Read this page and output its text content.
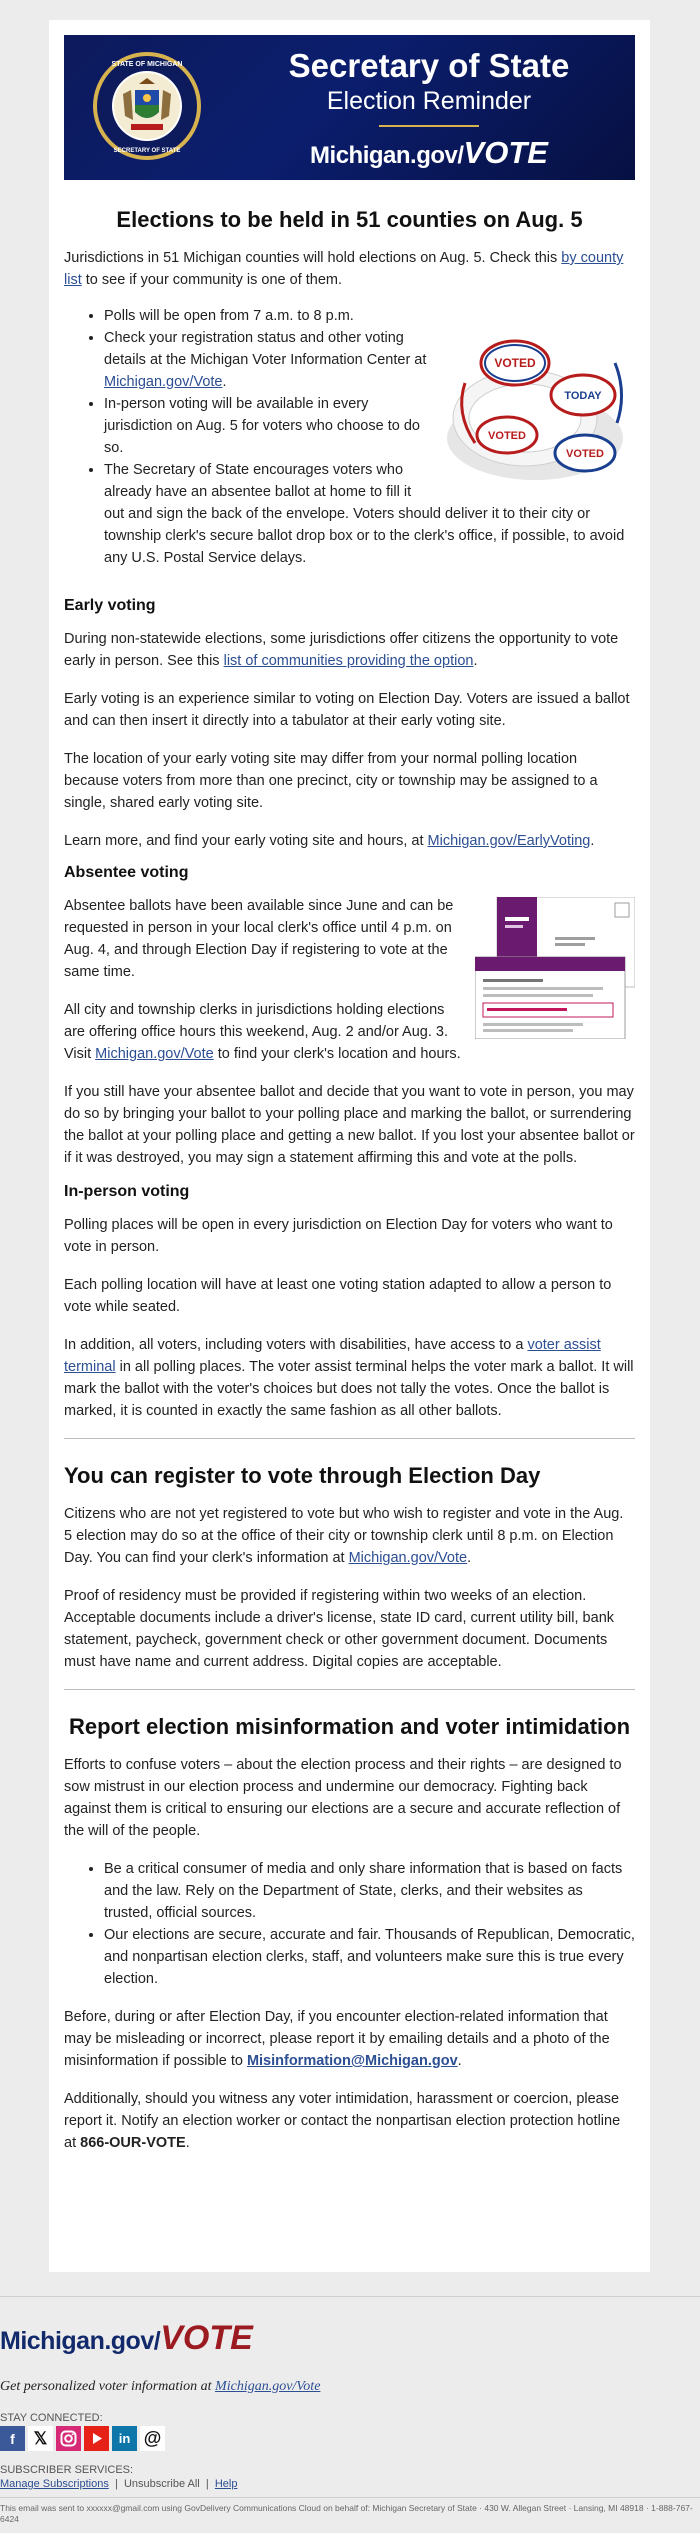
STATE OF MICHIGAN
SECRETARY OF STATE
Secretary of State
Election Reminder
Michigan.gov/VOTE
Elections to be held in 51 counties on Aug. 5

Jurisdictions in 51 Michigan counties will hold elections on Aug. 5. Check this by county list to see if your community is one of them.

VOTED
TODAY
VOTED
VOTED
• Polls will be open from 7 a.m. to 8 p.m.
• Check your registration status and other voting details at the Michigan Voter Information Center at Michigan.gov/Vote.
• In-person voting will be available in every jurisdiction on Aug. 5 for voters who choose to do so.
• The Secretary of State encourages voters who already have an absentee ballot at home to fill it out and sign the back of the envelope. Voters should deliver it to their city or township clerk's secure ballot drop box or to the clerk's office, if possible, to avoid any U.S. Postal Service delays.
Early voting

During non-statewide elections, some jurisdictions offer citizens the opportunity to vote early in person. See this list of communities providing the option.

Early voting is an experience similar to voting on Election Day. Voters are issued a ballot and can then insert it directly into a tabulator at their early voting site.

The location of your early voting site may differ from your normal polling location because voters from more than one precinct, city or township may be assigned to a single, shared early voting site.

Learn more, and find your early voting site and hours, at Michigan.gov/EarlyVoting.

Absentee voting

Absentee ballots have been available since June and can be requested in person in your local clerk's office until 4 p.m. on Aug. 4, and through Election Day if registering to vote at the same time.

All city and township clerks in jurisdictions holding elections are offering office hours this weekend, Aug. 2 and/or Aug. 3. Visit Michigan.gov/Vote to find your clerk's location and hours.

If you still have your absentee ballot and decide that you want to vote in person, you may do so by bringing your ballot to your polling place and marking the ballot, or surrendering the ballot at your polling place and getting a new ballot. If you lost your absentee ballot or if it was destroyed, you may sign a statement affirming this and vote at the polls.

In-person voting

Polling places will be open in every jurisdiction on Election Day for voters who want to vote in person.

Each polling location will have at least one voting station adapted to allow a person to vote while seated.

In addition, all voters, including voters with disabilities, have access to a voter assist terminal in all polling places. The voter assist terminal helps the voter mark a ballot. It will mark the ballot with the voter's choices but does not tally the votes. Once the ballot is marked, it is counted in exactly the same fashion as all other ballots.

You can register to vote through Election Day

Citizens who are not yet registered to vote but who wish to register and vote in the Aug. 5 election may do so at the office of their city or township clerk until 8 p.m. on Election Day. You can find your clerk's information at Michigan.gov/Vote.

Proof of residency must be provided if registering within two weeks of an election. Acceptable documents include a driver's license, state ID card, current utility bill, bank statement, paycheck, government check or other government document. Documents must have name and current address. Digital copies are acceptable.

Report election misinformation and voter intimidation

Efforts to confuse voters – about the election process and their rights – are designed to sow mistrust in our election process and undermine our democracy. Fighting back against them is critical to ensuring our elections are a secure and accurate reflection of the will of the people.

• Be a critical consumer of media and only share information that is based on facts and the law. Rely on the Department of State, clerks, and their websites as trusted, official sources.
• Our elections are secure, accurate and fair. Thousands of Republican, Democratic, and nonpartisan election clerks, staff, and volunteers make sure this is true every election.

Before, during or after Election Day, if you encounter election-related information that may be misleading or incorrect, please report it by emailing details and a photo of the misinformation if possible to Misinformation@Michigan.gov.

Additionally, should you witness any voter intimidation, harassment or coercion, please report it. Notify an election worker or contact the nonpartisan election protection hotline at 866-OUR-VOTE.

Michigan.gov/VOTE
Get personalized voter information at Michigan.gov/Vote
STAY CONNECTED:
f	𝕏	in @
SUBSCRIBER SERVICES:
Manage Subscriptions  |  Unsubscribe All  |  Help
This email was sent to xxxxxx@gmail.com using GovDelivery Communications Cloud on behalf of: Michigan Secretary of State · 430 W. Allegan Street · Lansing, MI 48918 · 1-888-767-6424
